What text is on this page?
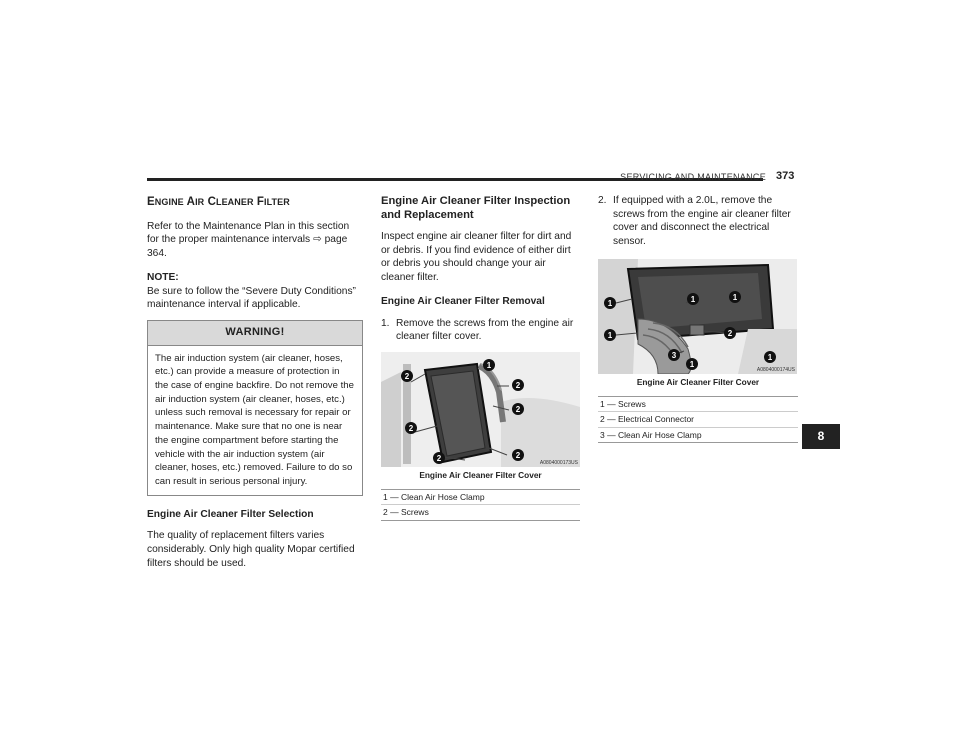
SERVICING AND MAINTENANCE 373
ENGINE AIR CLEANER FILTER

Refer to the Maintenance Plan in this section for the proper maintenance intervals ⇨ page 364.

NOTE:
Be sure to follow the “Severe Duty Conditions” maintenance interval if applicable.

WARNING!
The air induction system (air cleaner, hoses, etc.) can provide a measure of protection in the case of engine backfire. Do not remove the air induction system (air cleaner, hoses, etc.) unless such removal is necessary for repair or maintenance. Make sure that no one is near the engine compartment before starting the vehicle with the air induction system (air cleaner, hoses, etc.) removed. Failure to do so can result in serious personal injury.
Engine Air Cleaner Filter Selection

The quality of replacement filters varies considerably. Only high quality Mopar certified filters should be used.

Engine Air Cleaner Filter Inspection and Replacement

Inspect engine air cleaner filter for dirt and or debris. If you find evidence of either dirt or debris you should change your air cleaner filter.

Engine Air Cleaner Filter Removal
1. Remove the screws from the engine air cleaner filter cover.
1
2
2
2
2
2	2
A0804000173US
Engine Air Cleaner Filter Cover
1 — Clean Air Hose Clamp
2 — Screws
2. If equipped with a 2.0L, remove the screws from the engine air cleaner filter cover and disconnect the electrical sensor.
1	1	1
1
1
1
2
3
A0804000174US
Engine Air Cleaner Filter Cover
1 — Screws
2 — Electrical Connector
3 — Clean Air Hose Clamp	8
